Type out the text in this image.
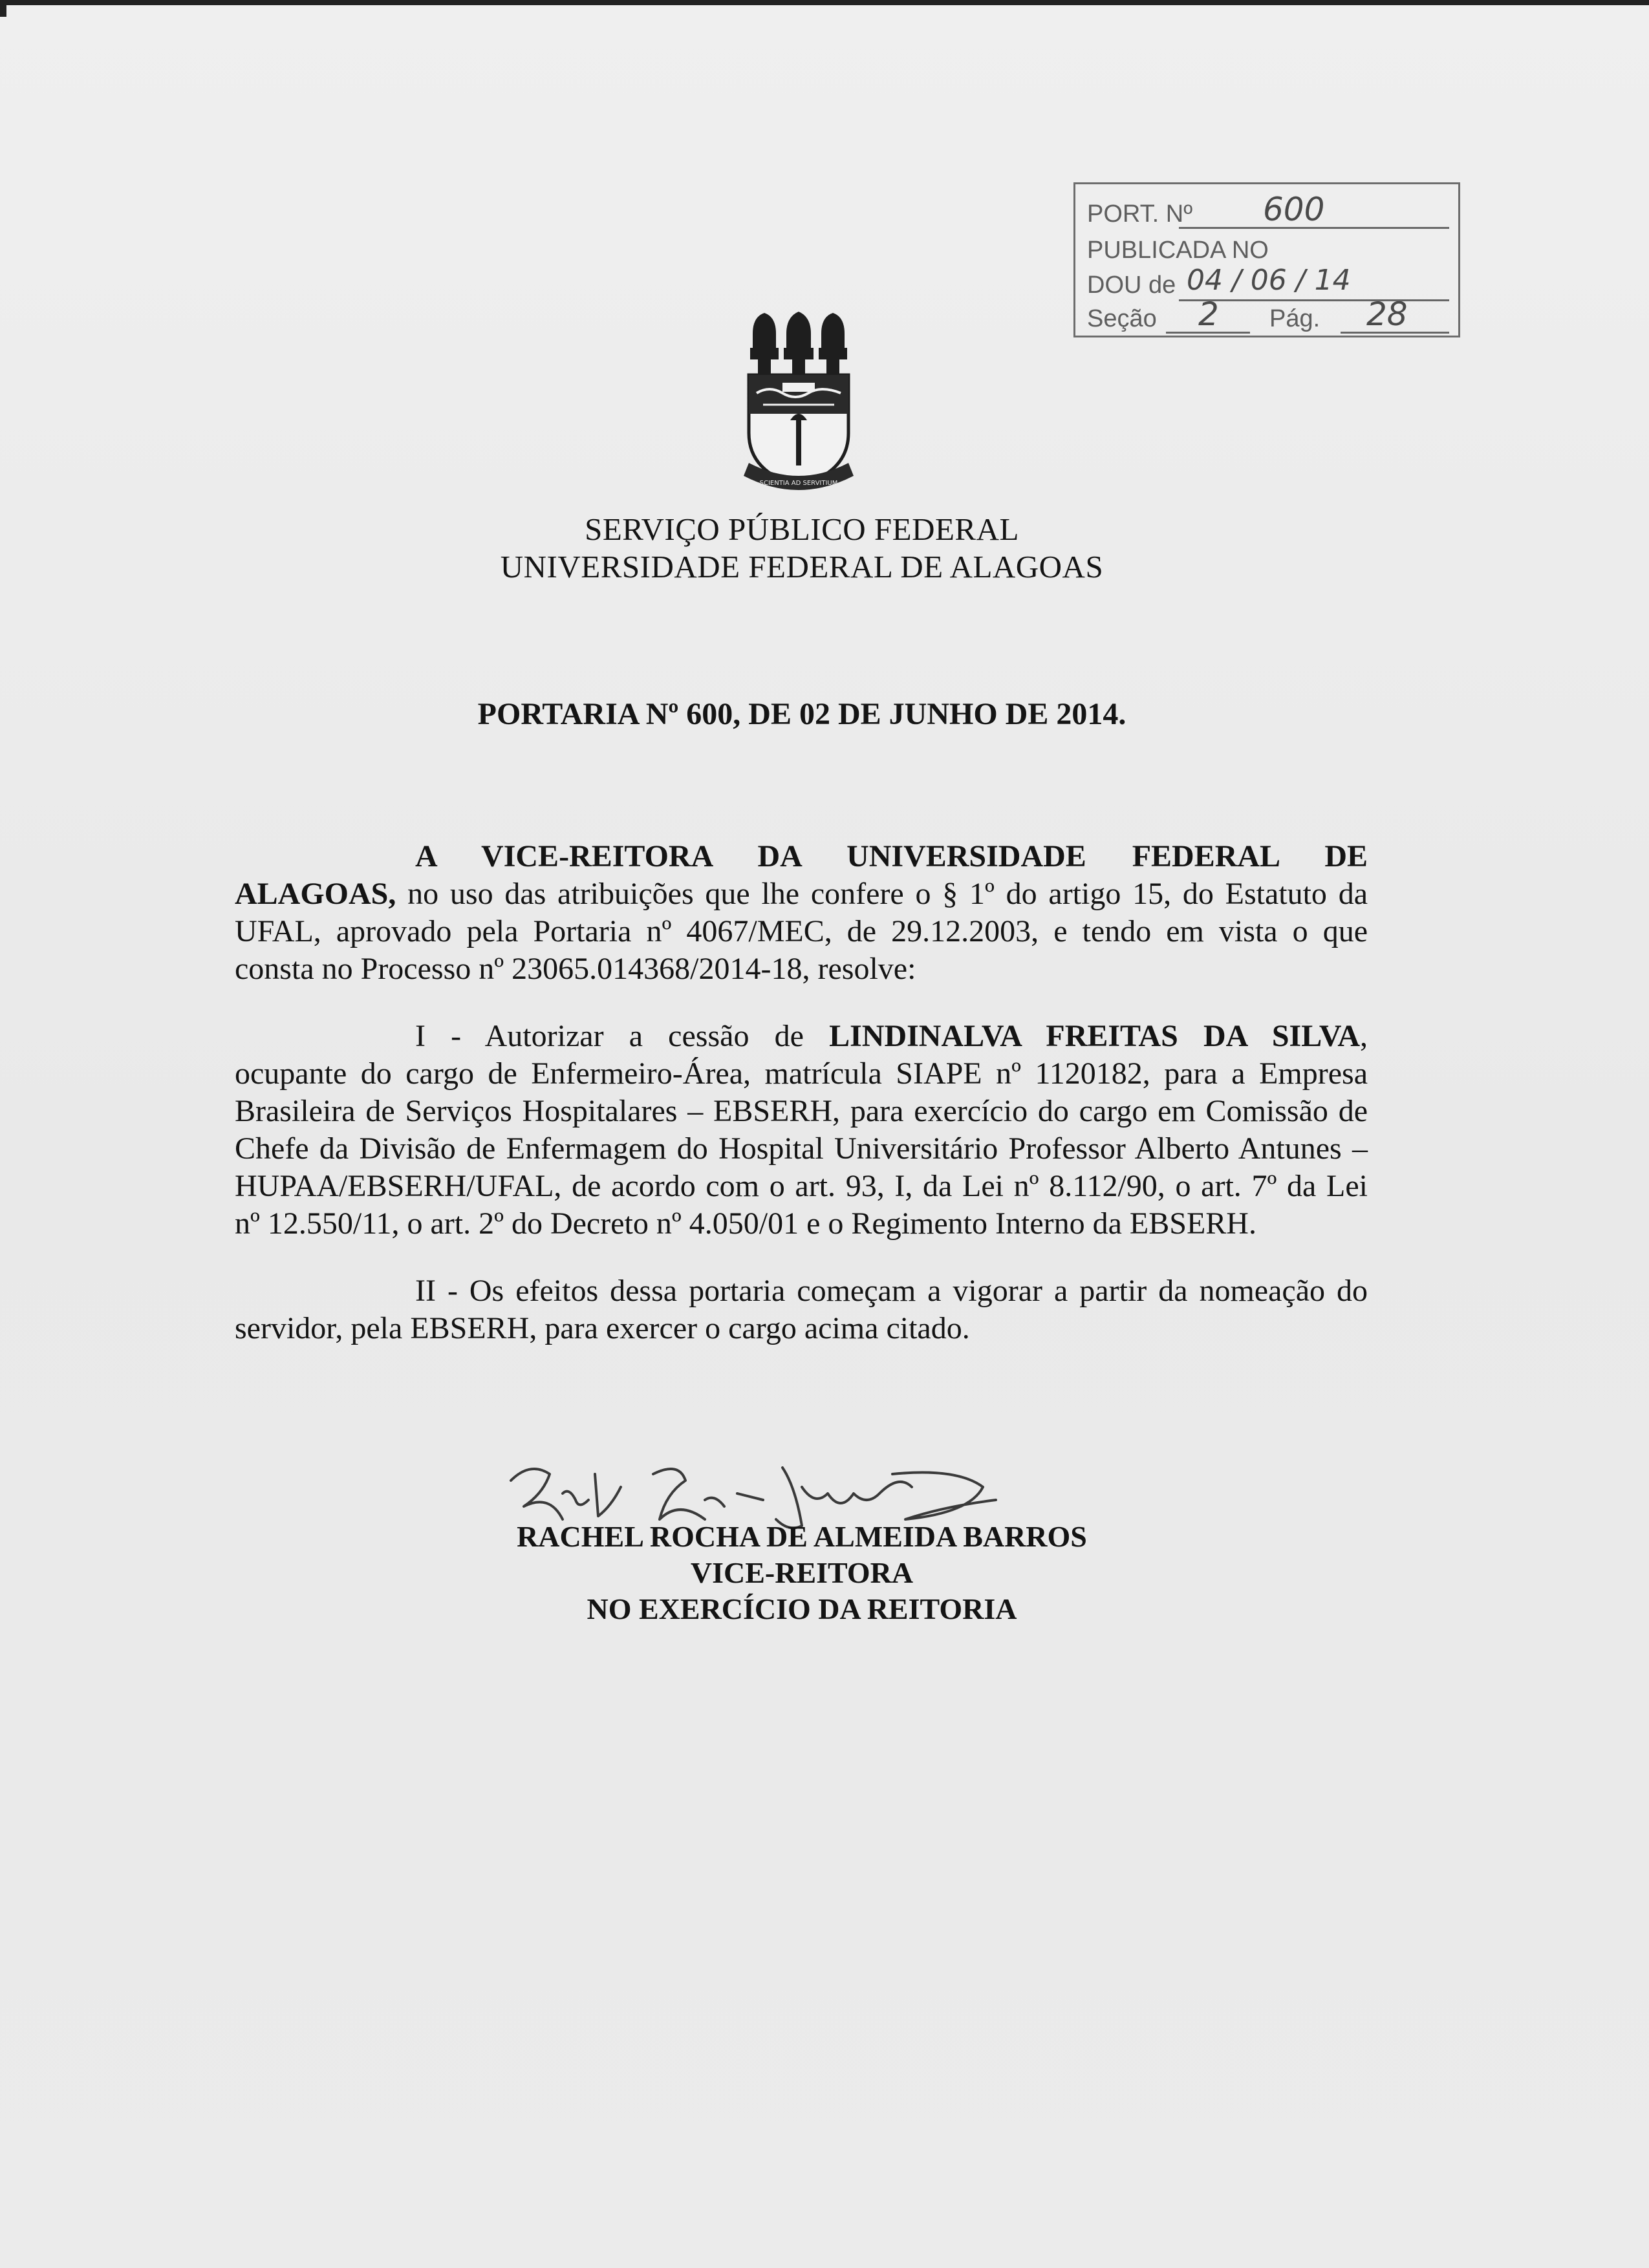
PORT. Nº 600
PUBLICADA NO
DOU de 04 / 06 / 14
Seção 2 Pág. 28
SCIENTIA AD SERVITIUM
SERVIÇO PÚBLICO FEDERAL
UNIVERSIDADE FEDERAL DE ALAGOAS
PORTARIA Nº 600, DE 02 DE JUNHO DE 2014.
A VICE-REITORA DA UNIVERSIDADE FEDERAL DE
ALAGOAS, no uso das atribuições que lhe confere o § 1º do artigo 15, do Estatuto da
UFAL, aprovado pela Portaria nº 4067/MEC, de 29.12.2003, e tendo em vista o que
consta no Processo nº 23065.014368/2014-18, resolve:
I - Autorizar a cessão de LINDINALVA FREITAS DA SILVA,
ocupante do cargo de Enfermeiro-Área, matrícula SIAPE nº 1120182, para a Empresa
Brasileira de Serviços Hospitalares – EBSERH, para exercício do cargo em Comissão de
Chefe da Divisão de Enfermagem do Hospital Universitário Professor Alberto Antunes –
HUPAA/EBSERH/UFAL, de acordo com o art. 93, I, da Lei nº 8.112/90, o art. 7º da Lei
nº 12.550/11, o art. 2º do Decreto nº 4.050/01 e o Regimento Interno da EBSERH.
II - Os efeitos dessa portaria começam a vigorar a partir da nomeação do
servidor, pela EBSERH, para exercer o cargo acima citado.
RACHEL ROCHA DE ALMEIDA BARROS
VICE-REITORA
NO EXERCÍCIO DA REITORIA
